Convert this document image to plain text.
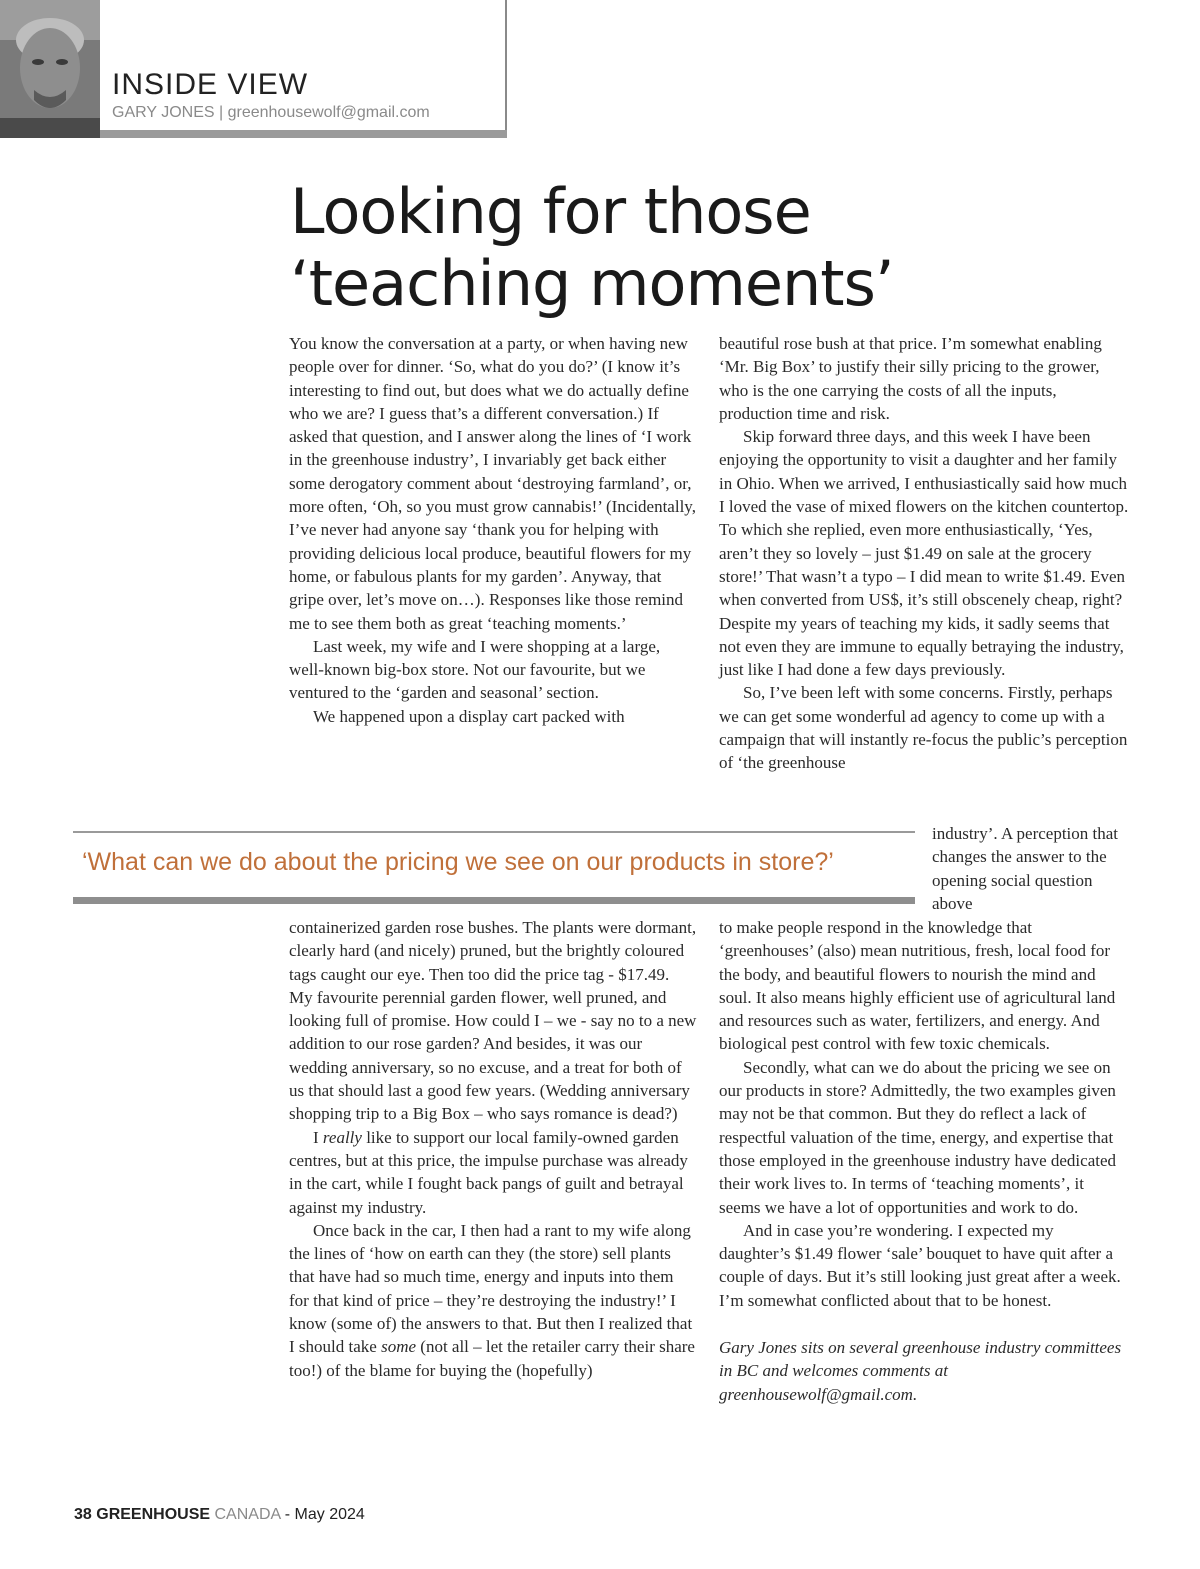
INSIDE VIEW
GARY JONES | greenhousewolf@gmail.com
Looking for those
‘teaching moments’

You know the conversation at a party, or when having new people over for dinner. ‘So, what do you do?’ (I know it’s interesting to find out, but does what we do actually define who we are? I guess that’s a different conversation.) If asked that question, and I answer along the lines of ‘I work in the greenhouse industry’, I invariably get back either some derogatory comment about ‘destroying farmland’, or, more often, ‘Oh, so you must grow cannabis!’ (Incidentally, I’ve never had anyone say ‘thank you for helping with providing delicious local produce, beautiful flowers for my home, or fabulous plants for my garden’. Anyway, that gripe over, let’s move on…). Responses like those remind me to see them both as great ‘teaching moments.’

Last week, my wife and I were shopping at a large, well-known big-box store. Not our favourite, but we ventured to the ‘garden and seasonal’ section.

We happened upon a display cart packed with

beautiful rose bush at that price. I’m somewhat enabling ‘Mr. Big Box’ to justify their silly pricing to the grower, who is the one carrying the costs of all the inputs, production time and risk.

Skip forward three days, and this week I have been enjoying the opportunity to visit a daughter and her family in Ohio. When we arrived, I enthusiastically said how much I loved the vase of mixed flowers on the kitchen countertop. To which she replied, even more enthusiastically, ‘Yes, aren’t they so lovely – just $1.49 on sale at the grocery store!’ That wasn’t a typo – I did mean to write $1.49. Even when converted from US$, it’s still obscenely cheap, right? Despite my years of teaching my kids, it sadly seems that not even they are immune to equally betraying the industry, just like I had done a few days previously.

So, I’ve been left with some concerns. Firstly, perhaps we can get some wonderful ad agency to come up with a campaign that will instantly re-focus the public’s perception of ‘the greenhouse

industry’. A perception that changes the answer to the opening social question above

‘What can we do about the pricing we see on our products in store?’

containerized garden rose bushes. The plants were dormant, clearly hard (and nicely) pruned, but the brightly coloured tags caught our eye. Then too did the price tag - $17.49. My favourite perennial garden flower, well pruned, and looking full of promise. How could I – we - say no to a new addition to our rose garden? And besides, it was our wedding anniversary, so no excuse, and a treat for both of us that should last a good few years. (Wedding anniversary shopping trip to a Big Box – who says romance is dead?)

I really like to support our local family-owned garden centres, but at this price, the impulse purchase was already in the cart, while I fought back pangs of guilt and betrayal against my industry.

Once back in the car, I then had a rant to my wife along the lines of ‘how on earth can they (the store) sell plants that have had so much time, energy and inputs into them for that kind of price – they’re destroying the industry!’ I know (some of) the answers to that. But then I realized that I should take some (not all – let the retailer carry their share too!) of the blame for buying the (hopefully)

to make people respond in the knowledge that ‘greenhouses’ (also) mean nutritious, fresh, local food for the body, and beautiful flowers to nourish the mind and soul. It also means highly efficient use of agricultural land and resources such as water, fertilizers, and energy. And biological pest control with few toxic chemicals.

Secondly, what can we do about the pricing we see on our products in store? Admittedly, the two examples given may not be that common. But they do reflect a lack of respectful valuation of the time, energy, and expertise that those employed in the greenhouse industry have dedicated their work lives to. In terms of ‘teaching moments’, it seems we have a lot of opportunities and work to do.

And in case you’re wondering. I expected my daughter’s $1.49 flower ‘sale’ bouquet to have quit after a couple of days. But it’s still looking just great after a week. I’m somewhat conflicted about that to be honest.

Gary Jones sits on several greenhouse industry committees in BC and welcomes comments at greenhousewolf@gmail.com.

38 GREENHOUSE CANADA - May 2024
